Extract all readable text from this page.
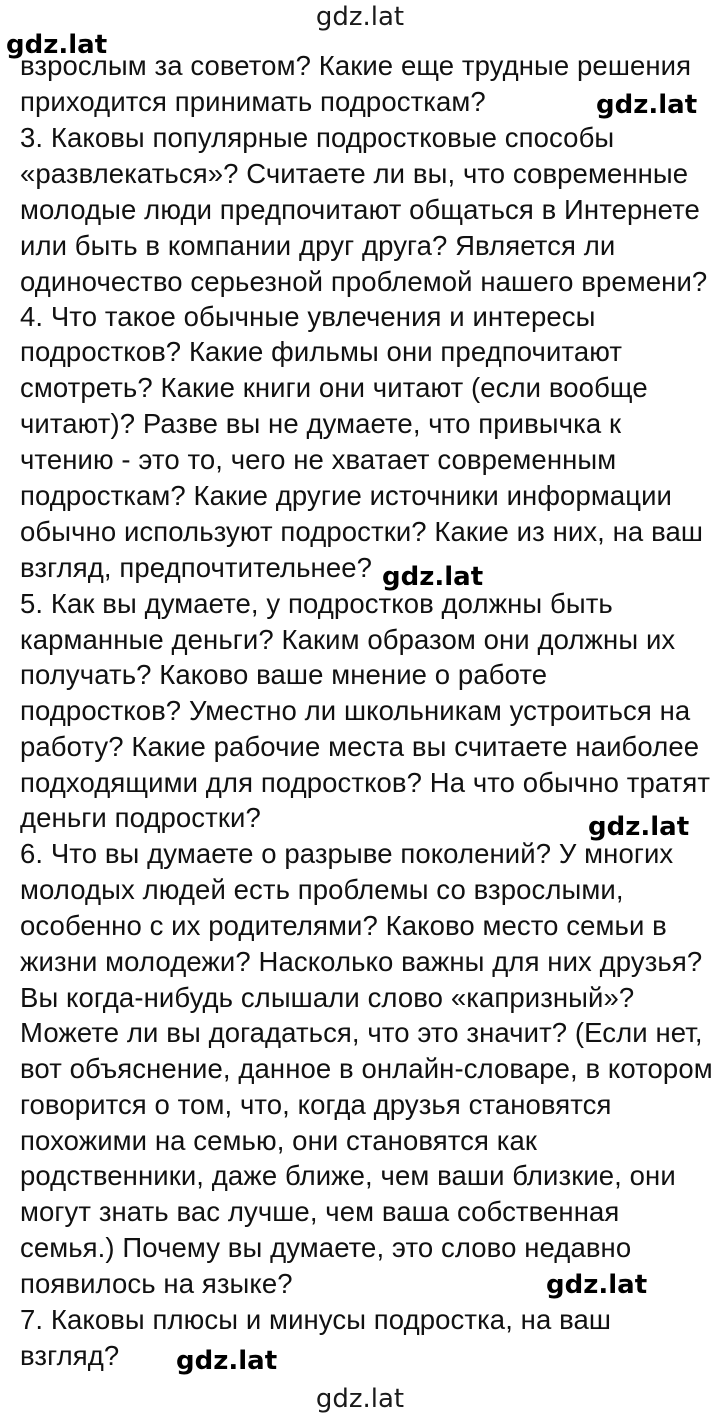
gdz.lat
взрослым за советом? Какие еще трудные решения
приходится принимать подросткам?
3. Каковы популярные подростковые способы
«развлекаться»? Считаете ли вы, что современные
молодые люди предпочитают общаться в Интернете
или быть в компании друг друга? Является ли
одиночество серьезной проблемой нашего времени?
4. Что такое обычные увлечения и интересы
подростков? Какие фильмы они предпочитают
смотреть? Какие книги они читают (если вообще
читают)? Разве вы не думаете, что привычка к
чтению - это то, чего не хватает современным
подросткам? Какие другие источники информации
обычно используют подростки? Какие из них, на ваш
взгляд, предпочтительнее?
5. Как вы думаете, у подростков должны быть
карманные деньги? Каким образом они должны их
получать? Каково ваше мнение о работе
подростков? Уместно ли школьникам устроиться на
работу? Какие рабочие места вы считаете наиболее
подходящими для подростков? На что обычно тратят
деньги подростки?
6. Что вы думаете о разрыве поколений? У многих
молодых людей есть проблемы со взрослыми,
особенно с их родителями? Каково место семьи в
жизни молодежи? Насколько важны для них друзья?
Вы когда-нибудь слышали слово «капризный»?
Можете ли вы догадаться, что это значит? (Если нет,
вот объяснение, данное в онлайн-словаре, в котором
говорится о том, что, когда друзья становятся
похожими на семью, они становятся как
родственники, даже ближе, чем ваши близкие, они
могут знать вас лучше, чем ваша собственная
семья.) Почему вы думаете, это слово недавно
появилось на языке?
7. Каковы плюсы и минусы подростка, на ваш
взгляд?
gdz.lat
gdz.lat
gdz.lat
gdz.lat
gdz.lat
gdz.lat
gdz.lat
